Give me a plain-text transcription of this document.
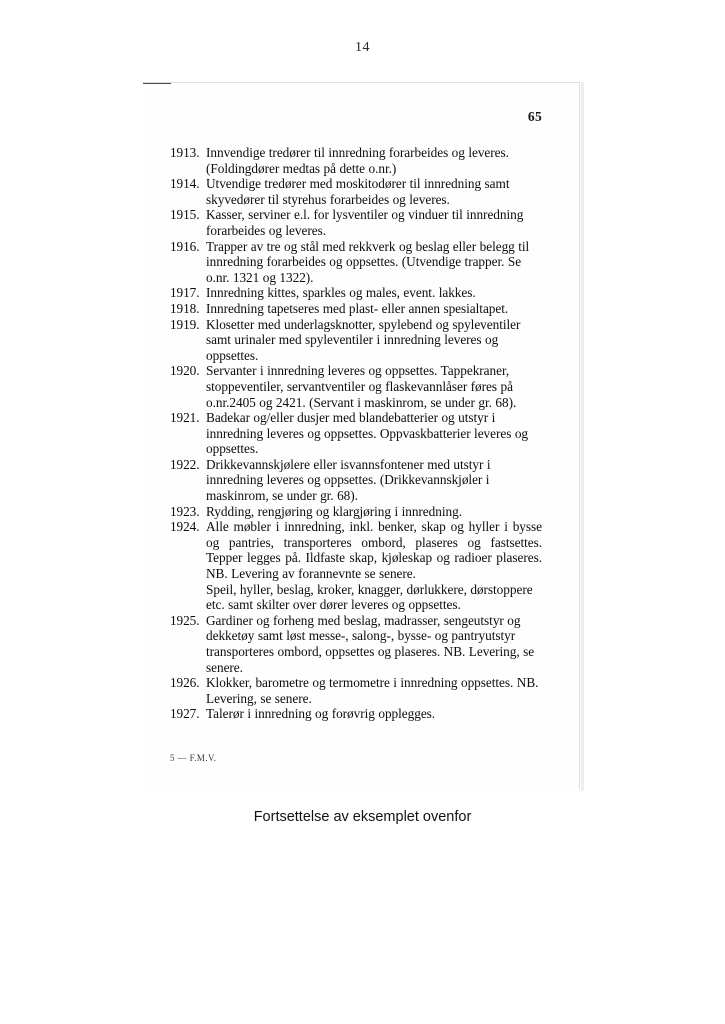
14
65
1913. Innvendige tredører til innredning forarbeides og leveres. (Foldingdører medtas på dette o.nr.)

1914. Utvendige tredører med moskitodører til innredning samt skyvedører til styrehus forarbeides og leveres.

1915. Kasser, serviner e.l. for lysventiler og vinduer til innredning forarbeides og leveres.

1916. Trapper av tre og stål med rekkverk og beslag eller belegg til innredning forarbeides og oppsettes. (Utvendige trapper. Se o.nr. 1321 og 1322).

1917. Innredning kittes, sparkles og males, event. lakkes.

1918. Innredning tapetseres med plast- eller annen spesialtapet.

1919. Klosetter med underlagsknotter, spylebend og spyleventiler samt urinaler med spyleventiler i innredning leveres og oppsettes.

1920. Servanter i innredning leveres og oppsettes. Tappekraner, stoppeventiler, servantventiler og flaskevannlåser føres på o.nr.2405 og 2421. (Servant i maskinrom, se under gr. 68).

1921. Badekar og/eller dusjer med blandebatterier og utstyr i innredning leveres og oppsettes. Oppvaskbatterier leveres og oppsettes.

1922. Drikkevannskjølere eller isvannsfontener med utstyr i innredning leveres og oppsettes. (Drikkevannskjøler i maskinrom, se under gr. 68).

1923. Rydding, rengjøring og klargjøring i innredning.

1924. Alle møbler i innredning, inkl. benker, skap og hyller i bysse og pantries, transporteres ombord, plaseres og fastsettes. Tepper legges på. Ildfaste skap, kjøleskap og radioer plaseres. NB. Levering av forannevnte se senere.

Speil, hyller, beslag, kroker, knagger, dørlukkere, dørstoppere etc. samt skilter over dører leveres og oppsettes.

1925. Gardiner og forheng med beslag, madrasser, sengeutstyr og dekketøy samt løst messe-, salong-, bysse- og pantryutstyr transporteres ombord, oppsettes og plaseres. NB. Levering, se senere.

1926. Klokker, barometre og termometre i innredning oppsettes. NB. Levering, se senere.

1927. Talerør i innredning og forøvrig opplegges.

5 — F.M.V.
Fortsettelse av eksemplet ovenfor
